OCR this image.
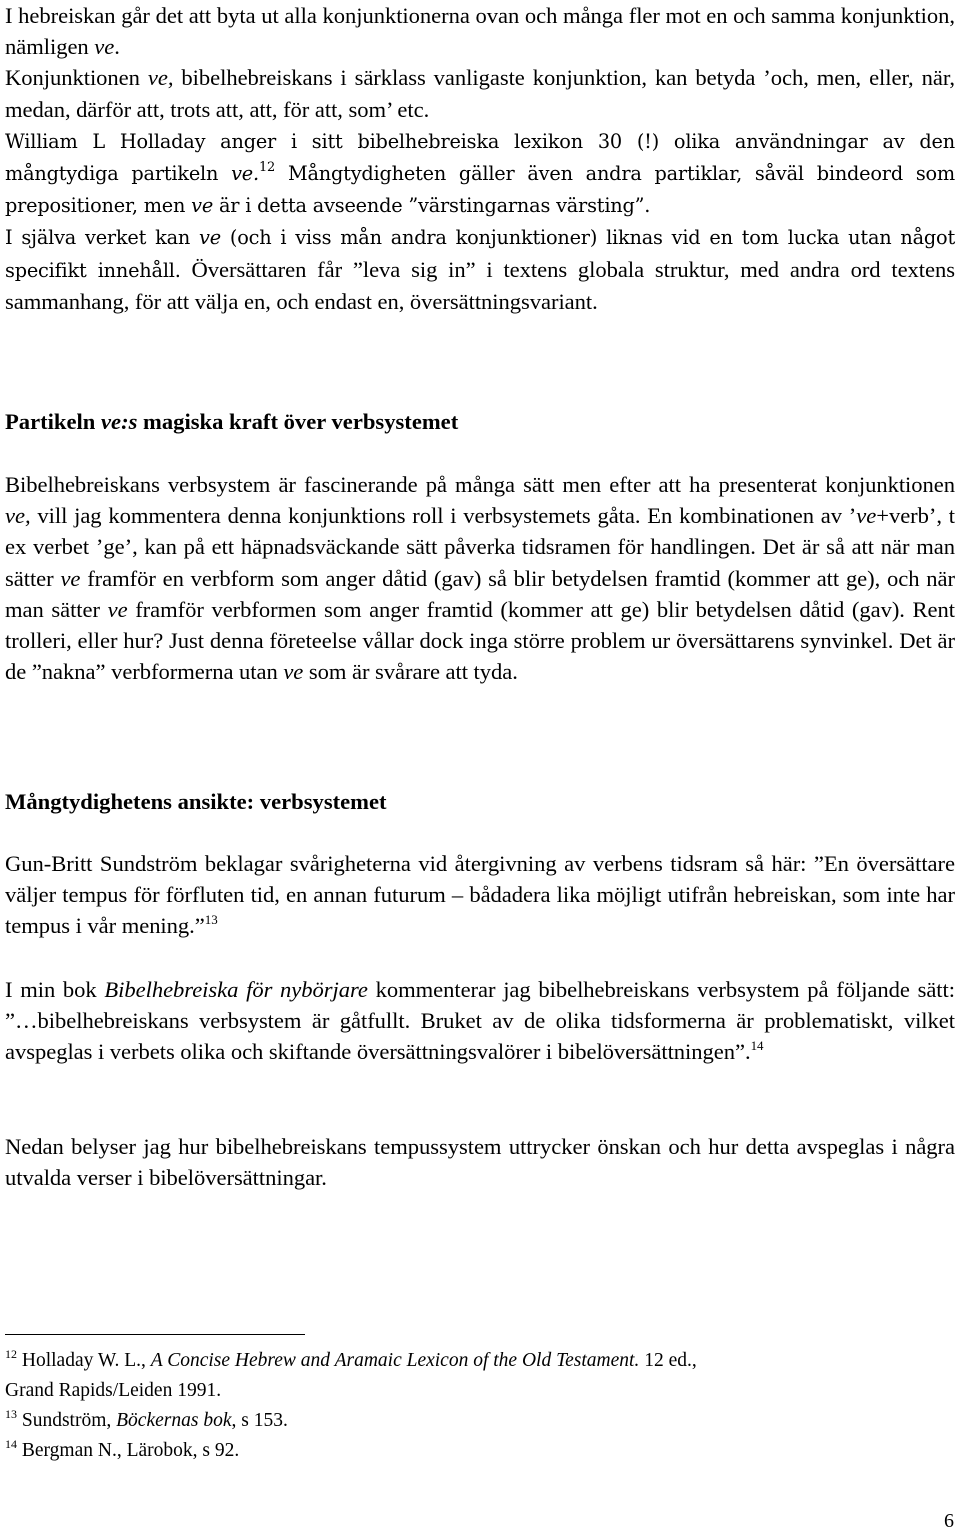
I hebreiskan går det att byta ut alla konjunktionerna ovan och många fler mot en och samma konjunktion, nämligen ve.
Konjunktionen ve, bibelhebreiskans i särklass vanligaste konjunktion, kan betyda ’och, men, eller, när, medan, därför att, trots att, att, för att, som’ etc.
William L Holladay anger i sitt bibelhebreiska lexikon 30 (!) olika användningar av den mångtydiga partikeln ve.$^{12}$ Mångtydigheten gäller även andra partiklar, såväl bindeord som prepositioner, men ve är i detta avseende ”värstingarnas värsting”.
I själva verket kan ve (och i viss mån andra konjunktioner) liknas vid en tom lucka utan något specifikt innehåll. Översättaren får ”leva sig in” i textens globala struktur, med andra ord textens sammanhang, för att välja en, och endast en, översättningsvariant.

Partikeln ve:s magiska kraft över verbsystemet

Bibelhebreiskans verbsystem är fascinerande på många sätt men efter att ha presenterat konjunktionen ve, vill jag kommentera denna konjunktions roll i verbsystemets gåta. En kombinationen av ’ve+verb’, t ex verbet ’ge’, kan på ett häpnadsväckande sätt påverka tidsramen för handlingen. Det är så att när man sätter ve framför en verbform som anger dåtid (gav) så blir betydelsen framtid (kommer att ge), och när man sätter ve framför verbformen som anger framtid (kommer att ge) blir betydelsen dåtid (gav). Rent trolleri, eller hur? Just denna företeelse vållar dock inga större problem ur översättarens synvinkel. Det är de ”nakna” verbformerna utan ve som är svårare att tyda.

Mångtydighetens ansikte: verbsystemet

Gun-Britt Sundström beklagar svårigheterna vid återgivning av verbens tidsram så här: ”En översättare väljer tempus för förfluten tid, en annan futurum – bådadera lika möjligt utifrån hebreiskan, som inte har tempus i vår mening.”$^{13}$

I min bok Bibelhebreiska för nybörjare kommenterar jag bibelhebreiskans verbsystem på följande sätt: ”…bibelhebreiskans verbsystem är gåtfullt. Bruket av de olika tidsformerna är problematiskt, vilket avspeglas i verbets olika och skiftande översättningsvalörer i bibelöversättningen”.$^{14}$

Nedan belyser jag hur bibelhebreiskans tempussystem uttrycker önskan och hur detta avspeglas i några utvalda verser i bibelöversättningar.

$^{12}$ Holladay W. L., A Concise Hebrew and Aramaic Lexicon of the Old Testament. 12 ed.,
Grand Rapids/Leiden 1991.
$^{13}$ Sundström, Böckernas bok, s 153.
$^{14}$ Bergman N., Lärobok, s 92.
6
